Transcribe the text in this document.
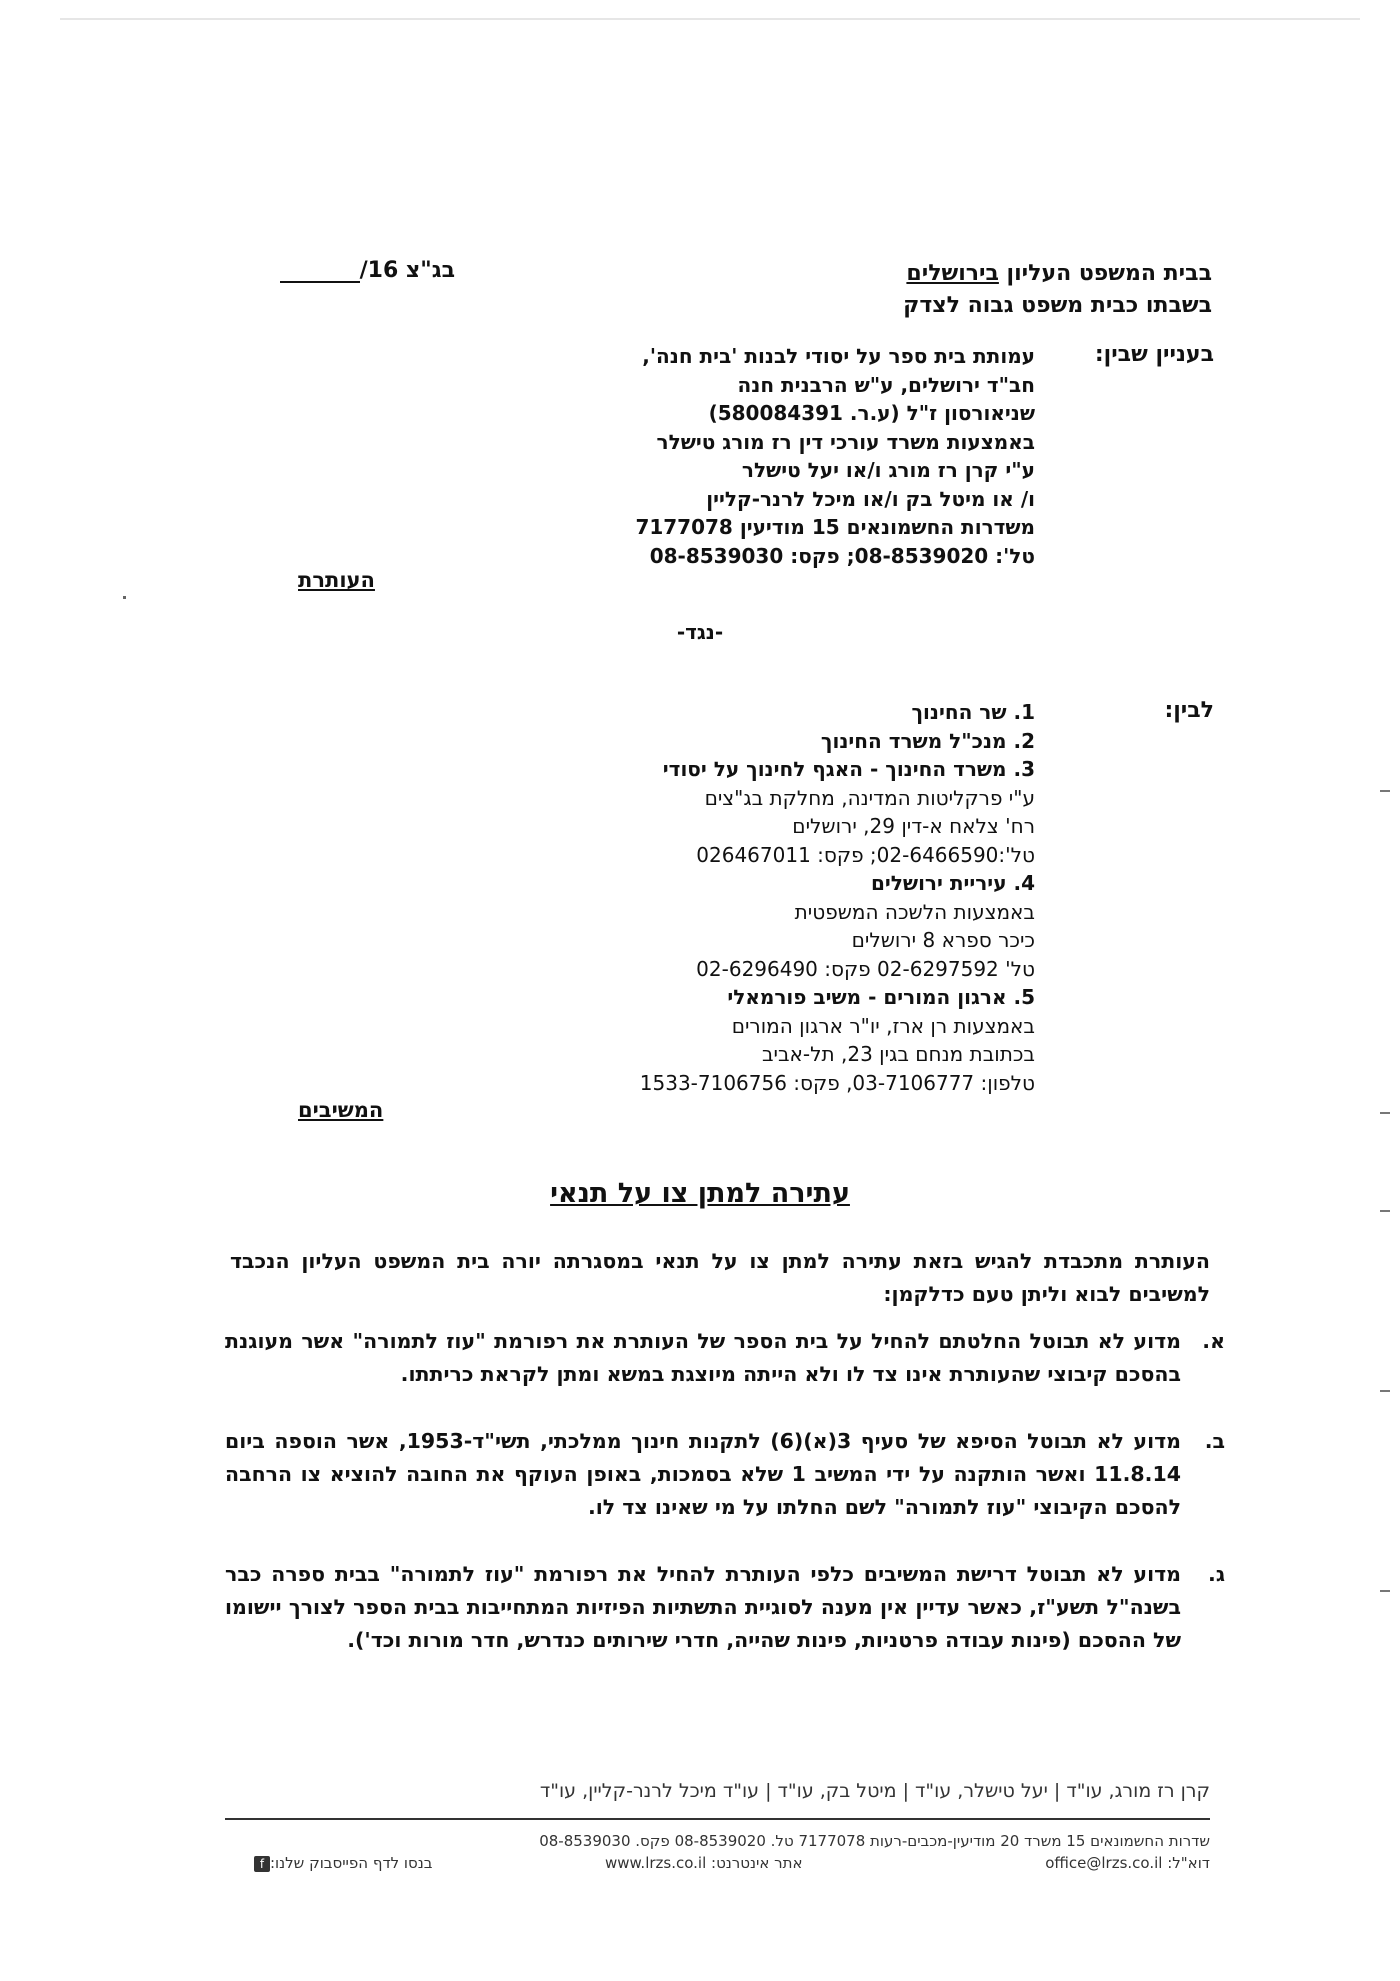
בבית המשפט העליון בירושלים
בשבתו כבית משפט גבוה לצדק
בג"צ 16/
בעניין שבין:
עמותת בית ספר על יסודי לבנות 'בית חנה',
חב"ד ירושלים, ע"ש הרבנית חנה
שניאורסון ז"ל (ע.ר. 580084391)
באמצעות משרד עורכי דין רז מורג טישלר
ע"י קרן רז מורג ו/או יעל טישלר
ו/ או מיטל בק ו/או מיכל לרנר-קליין
משדרות החשמונאים 15 מודיעין 7177078
טל': 08-8539020; פקס: 08-8539030
העותרת
-נגד-
לבין:
1. שר החינוך
2. מנכ"ל משרד החינוך
3. משרד החינוך - האגף לחינוך על יסודי
ע"י פרקליטות המדינה, מחלקת בג"צים
רח' צלאח א-דין 29, ירושלים
טל':02-6466590; פקס: 026467011
4. עיריית ירושלים
באמצעות הלשכה המשפטית
כיכר ספרא 8 ירושלים
טל' 02-6297592 פקס: 02-6296490
5. ארגון המורים - משיב פורמאלי
באמצעות רן ארז, יו"ר ארגון המורים
בכתובת מנחם בגין 23, תל-אביב
טלפון: 03-7106777, פקס: 1533-7106756
המשיבים
עתירה למתן צו על תנאי
העותרת מתכבדת להגיש בזאת עתירה למתן צו על תנאי במסגרתה יורה בית המשפט העליון הנכבד למשיבים לבוא וליתן טעם כדלקמן:
א.
מדוע לא תבוטל החלטתם להחיל על בית הספר של העותרת את רפורמת "עוז לתמורה" אשר מעוגנת בהסכם קיבוצי שהעותרת אינו צד לו ולא הייתה מיוצגת במשא ומתן לקראת כריתתו.
ב.
מדוע לא תבוטל הסיפא של סעיף 3(א)(6) לתקנות חינוך ממלכתי, תשי"ד-1953, אשר הוספה ביום 11.8.14 ואשר הותקנה על ידי המשיב 1 שלא בסמכות, באופן העוקף את החובה להוציא צו הרחבה להסכם הקיבוצי "עוז לתמורה" לשם החלתו על מי שאינו צד לו.
ג.
מדוע לא תבוטל דרישת המשיבים כלפי העותרת להחיל את רפורמת "עוז לתמורה" בבית ספרה כבר בשנה"ל תשע"ז, כאשר עדיין אין מענה לסוגיית התשתיות הפיזיות המתחייבות בבית הספר לצורך יישומו של ההסכם (פינות עבודה פרטניות, פינות שהייה, חדרי שירותים כנדרש, חדר מורות וכד').
קרן רז מורג, עו"ד | יעל טישלר, עו"ד | מיטל בק, עו"ד | עו"ד מיכל לרנר-קליין, עו"ד
שדרות החשמונאים 15 משרד 20 מודיעין-מכבים-רעות 7177078 טל. 08-8539020 פקס. 08-8539030
דוא"ל: office@lrzs.co.il
אתר אינטרנט: www.lrzs.co.il
בנסו לדף הפייסבוק שלנו:f
